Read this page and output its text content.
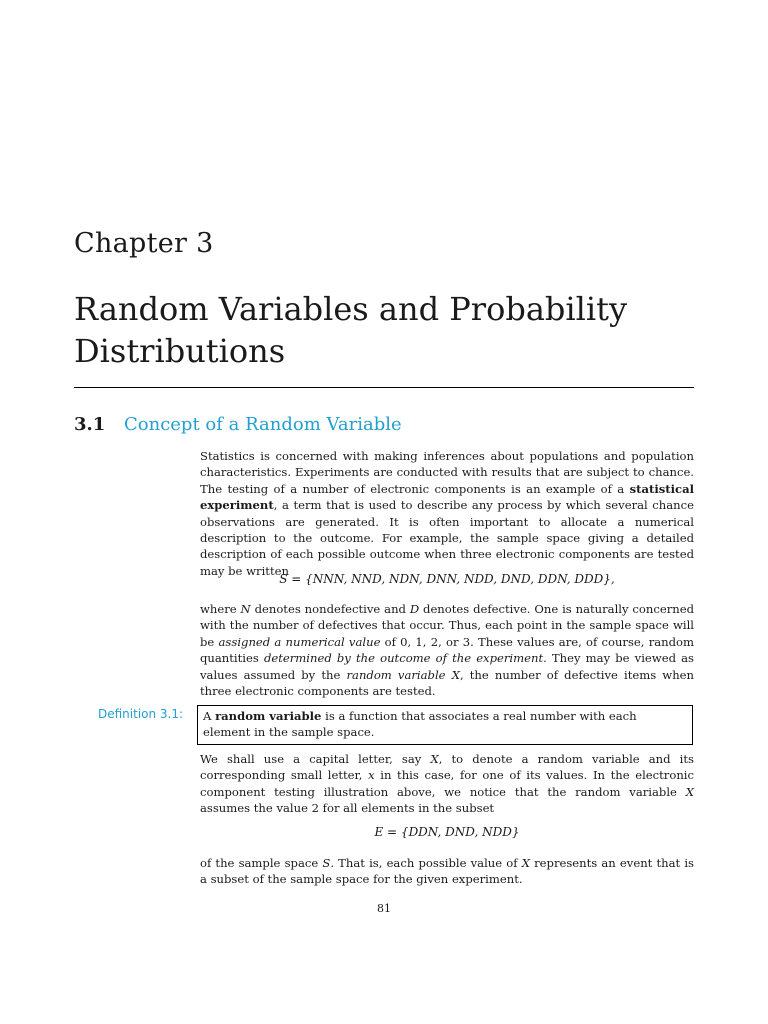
Chapter 3
Random Variables and Probability Distributions
3.1 Concept of a Random Variable
Statistics is concerned with making inferences about populations and population characteristics. Experiments are conducted with results that are subject to chance. The testing of a number of electronic components is an example of a statistical experiment, a term that is used to describe any process by which several chance observations are generated. It is often important to allocate a numerical description to the outcome. For example, the sample space giving a detailed description of each possible outcome when three electronic components are tested may be written
S = {NNN, NND, NDN, DNN, NDD, DND, DDN, DDD},
where N denotes nondefective and D denotes defective. One is naturally concerned with the number of defectives that occur. Thus, each point in the sample space will be assigned a numerical value of 0, 1, 2, or 3. These values are, of course, random quantities determined by the outcome of the experiment. They may be viewed as values assumed by the random variable X, the number of defective items when three electronic components are tested.
Definition 3.1:	A random variable is a function that associates a real number with each element in the sample space.
We shall use a capital letter, say X, to denote a random variable and its corresponding small letter, x in this case, for one of its values. In the electronic component testing illustration above, we notice that the random variable X assumes the value 2 for all elements in the subset
E = {DDN, DND, NDD}
of the sample space S. That is, each possible value of X represents an event that is a subset of the sample space for the given experiment.
81
